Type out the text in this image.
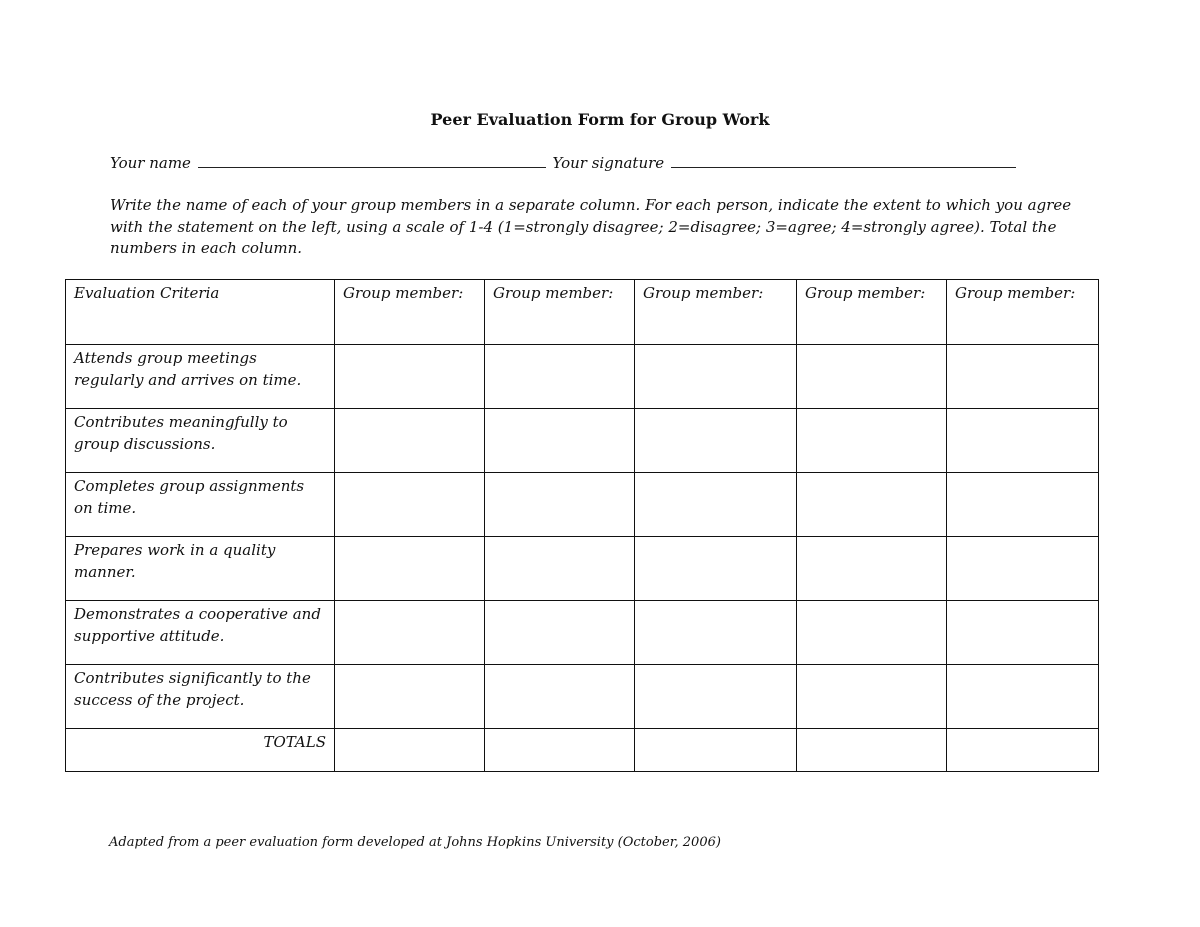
Peer Evaluation Form for Group Work
Your name	Your signature
Write the name of each of your group members in a separate column. For each person, indicate the extent to which you agree with the statement on the left, using a scale of 1-4 (1=strongly disagree; 2=disagree; 3=agree; 4=strongly agree). Total the numbers in each column.
Evaluation Criteria	Group member:	Group member:	Group member:	Group member:	Group member:
Attends group meetings regularly and arrives on time.					
Contributes meaningfully to group discussions.					
Completes group assignments on time.					
Prepares work in a quality manner.					
Demonstrates a cooperative and supportive attitude.					
Contributes significantly to the success of the project.					
TOTALS					
Adapted from a peer evaluation form developed at Johns Hopkins University (October, 2006)
